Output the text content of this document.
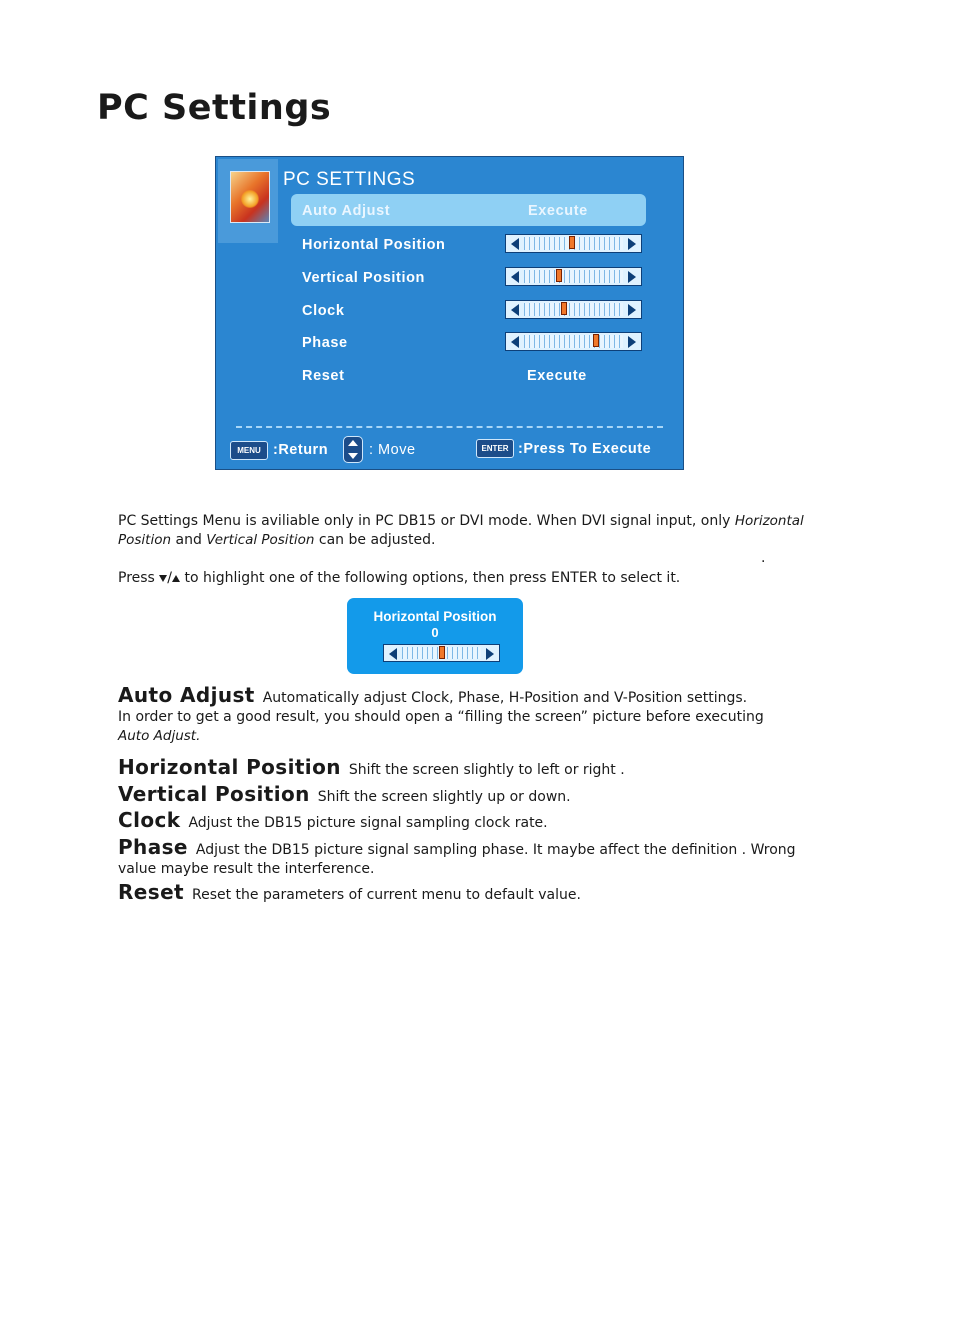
PC Settings
PC SETTINGS
Auto Adjust	Execute
Horizontal Position
Vertical Position
Clock
Phase
Reset	Execute
MENU :Return	: Move	ENTER :Press To Execute
PC Settings Menu is aviliable only in PC DB15 or DVI mode. When DVI signal input, only Horizontal
Position and Vertical Position can be adjusted.
.
Press / to highlight one of the following options, then press ENTER to select it.
Horizontal Position
0
Auto Adjust Automatically adjust Clock, Phase, H-Position and V-Position settings.
In order to get a good result, you should open a “filling the screen” picture before executing
Auto Adjust.
Horizontal Position Shift the screen slightly to left or right .
Vertical Position Shift the screen slightly up or down.
Clock Adjust the DB15 picture signal sampling clock rate.
Phase Adjust the DB15 picture signal sampling phase. It maybe affect the definition . Wrong
value maybe result the interference.
Reset Reset the parameters of current menu to default value.
